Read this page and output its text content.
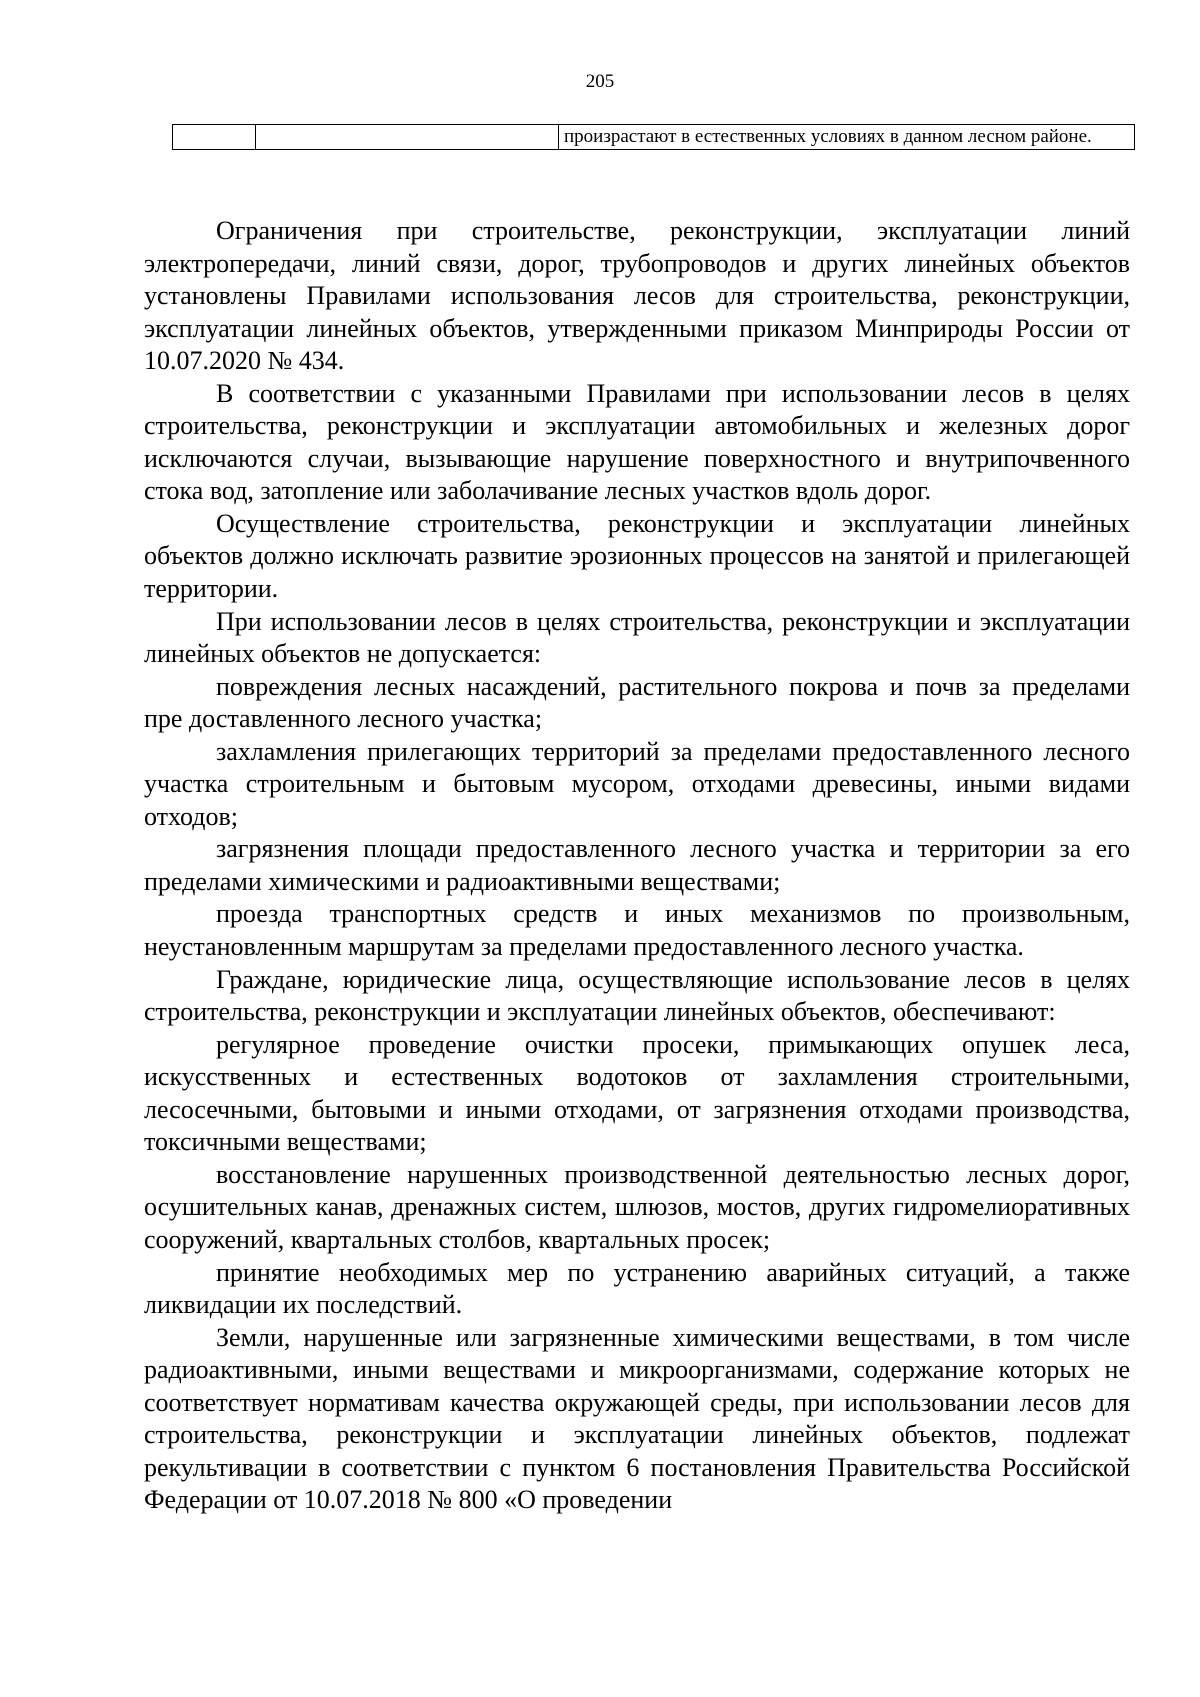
205
		произрастают в естественных условиях в данном лесном районе.

Ограничения при строительстве, реконструкции, эксплуатации линий электропередачи, линий связи, дорог, трубопроводов и других линейных объектов установлены Правилами использования лесов для строительства, реконструкции, эксплуатации линейных объектов, утвержденными приказом Минприроды России от 10.07.2020 № 434.

В соответствии с указанными Правилами при использовании лесов в целях строительства, реконструкции и эксплуатации автомобильных и железных дорог исключаются случаи, вызывающие нарушение поверхностного и внутрипочвенного стока вод, затопление или заболачивание лесных участков вдоль дорог.

Осуществление строительства, реконструкции и эксплуатации линейных объектов должно исключать развитие эрозионных процессов на занятой и прилегающей территории.

При использовании лесов в целях строительства, реконструкции и эксплуатации линейных объектов не допускается:

повреждения лесных насаждений, растительного покрова и почв за пределами пре доставленного лесного участка;

захламления прилегающих территорий за пределами предоставленного лесного участка строительным и бытовым мусором, отходами древесины, иными видами отходов;

загрязнения площади предоставленного лесного участка и территории за его пределами химическими и радиоактивными веществами;

проезда транспортных средств и иных механизмов по произвольным, неустановленным маршрутам за пределами предоставленного лесного участка.

Граждане, юридические лица, осуществляющие использование лесов в целях строительства, реконструкции и эксплуатации линейных объектов, обеспечивают:

регулярное проведение очистки просеки, примыкающих опушек леса, искусственных и естественных водотоков от захламления строительными, лесосечными, бытовыми и иными отходами, от загрязнения отходами производства, токсичными веществами;

восстановление нарушенных производственной деятельностью лесных дорог, осушительных канав, дренажных систем, шлюзов, мостов, других гидромелиоративных сооружений, квартальных столбов, квартальных просек;

принятие необходимых мер по устранению аварийных ситуаций, а также ликвидации их последствий.

Земли, нарушенные или загрязненные химическими веществами, в том числе радиоактивными, иными веществами и микроорганизмами, содержание которых не соответствует нормативам качества окружающей среды, при использовании лесов для строительства, реконструкции и эксплуатации линейных объектов, подлежат рекультивации в соответствии с пунктом 6 постановления Правительства Российской Федерации от 10.07.2018 № 800 «О проведении
